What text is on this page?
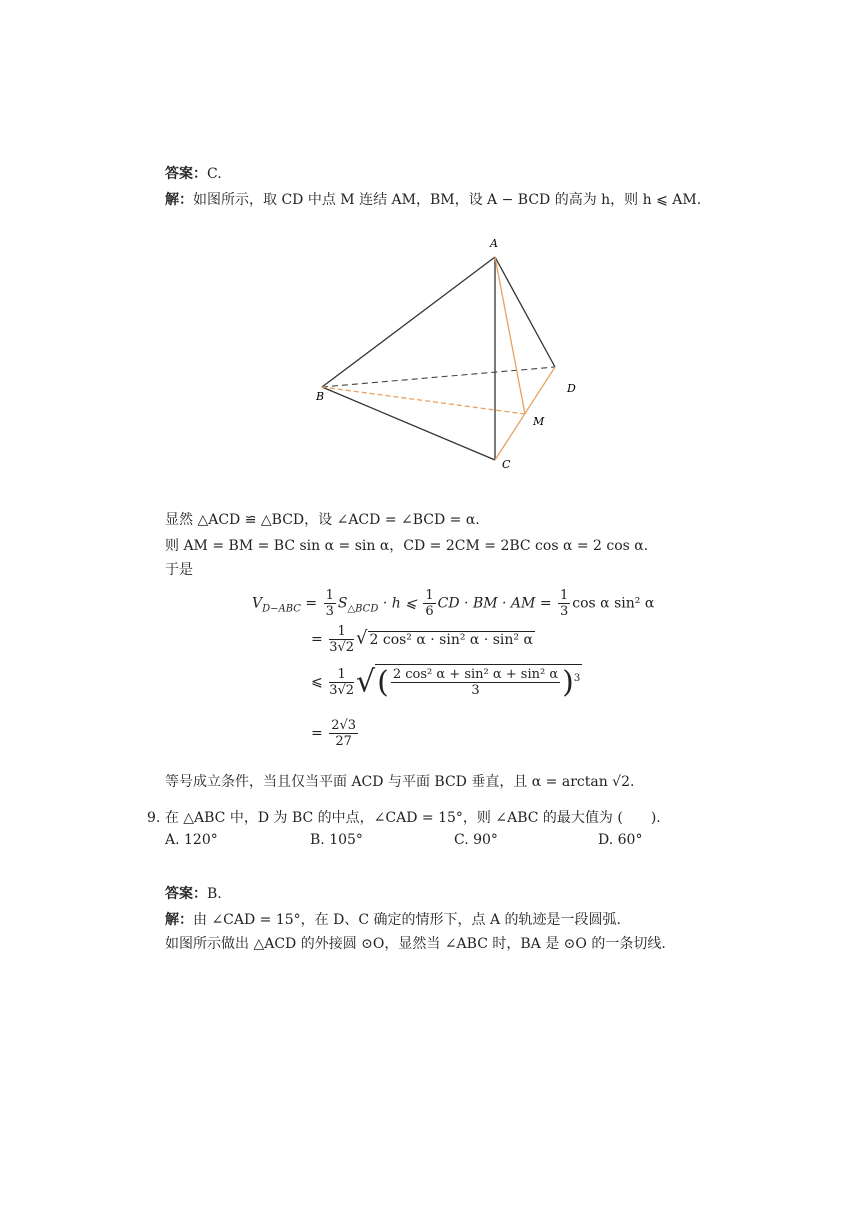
答案：C.
解：如图所示，取 CD 中点 M 连结 AM，BM，设 A − BCD 的高为 h，则 h ⩽ AM.
A
B
C
D
M
显然 △ACD ≌ △BCD，设 ∠ACD = ∠BCD = α.
则 AM = BM = BC sin α = sin α，CD = 2CM = 2BC cos α = 2 cos α.
于是
$V_{D-ABC} = \frac{1}{3} S_{\triangle BCD} \cdot h$ ⩽ $\frac{1}{6}$ CD · BM · AM = $\frac{1}{3}$ cos α sin² α
= $\frac{1}{3√2}$ √ 2 cos² α · sin² α · sin² α
⩽ $\frac{1}{3√2}$ √( $\frac{\text{2 cos² α + sin² α + sin² α}}{3} )^3$
= $\frac{2√3}{27}$
等号成立条件，当且仅当平面 ACD 与平面 BCD 垂直，且 α = arctan √2.
9. 在 △ABC 中，D 为 BC 的中点，∠CAD = 15°，则 ∠ABC 的最大值为 (　　).
A. 120°	B. 105°	C. 90°	D. 60°
答案：B.
解：由 ∠CAD = 15°，在 D、C 确定的情形下，点 A 的轨迹是一段圆弧.
如图所示做出 △ACD 的外接圆 ⊙O，显然当 ∠ABC 时，BA 是 ⊙O 的一条切线.
